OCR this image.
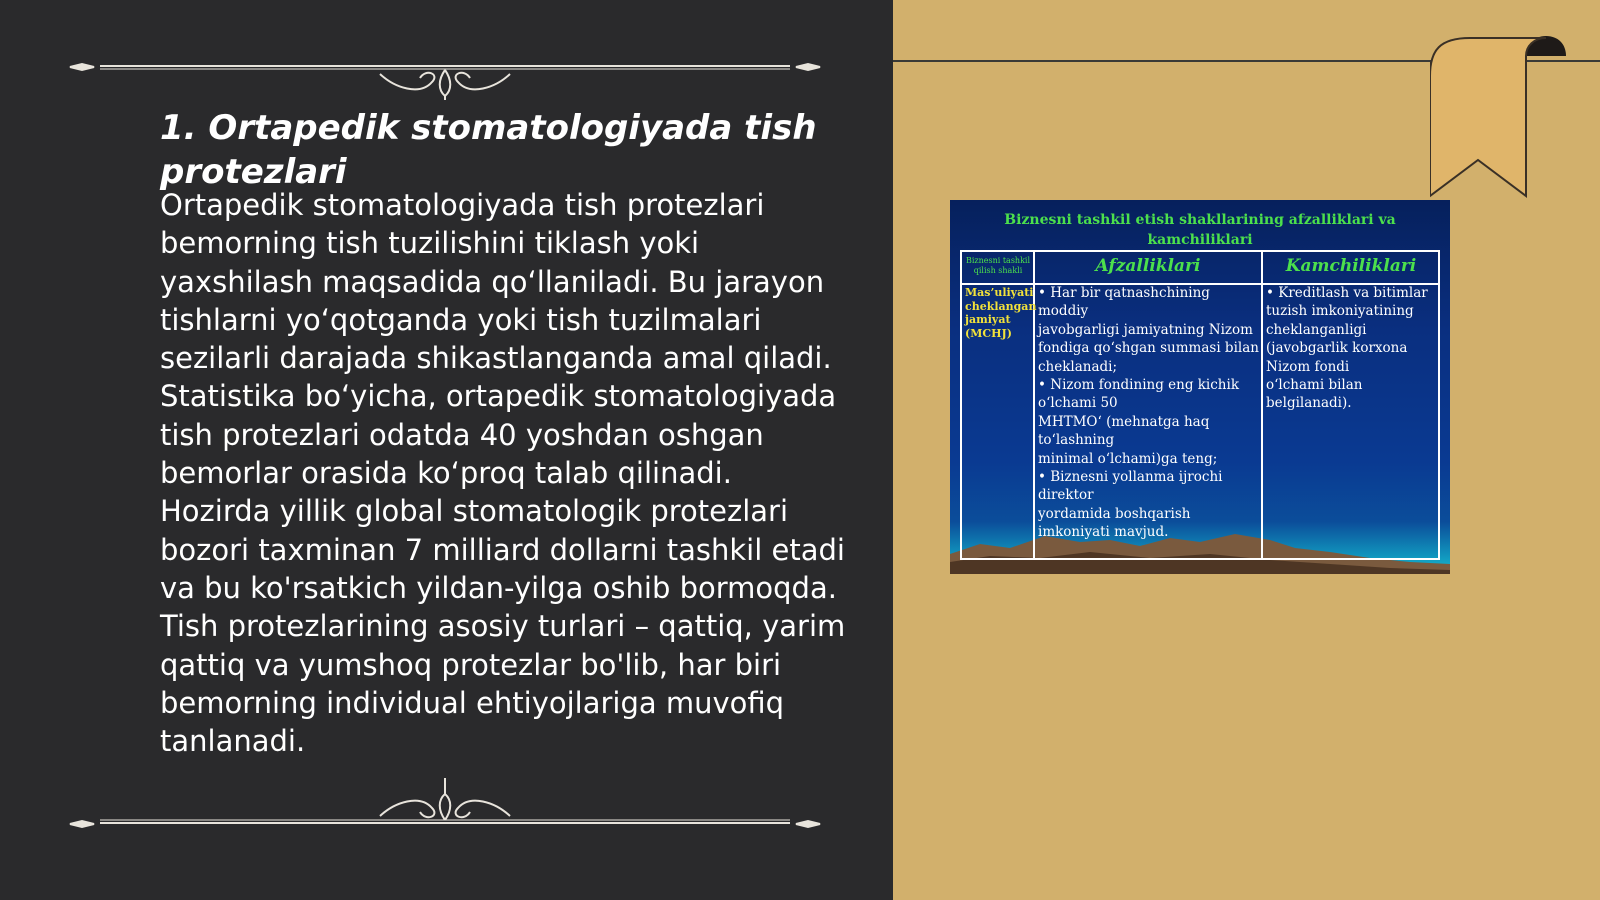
1. Ortapedik stomatologiyada tish protezlari

Ortapedik stomatologiyada tish protezlari bemorning tish tuzilishini tiklash yoki yaxshilash maqsadida qo‘llaniladi. Bu jarayon tishlarni yo‘qotganda yoki tish tuzilmalari sezilarli darajada shikastlanganda amal qiladi. Statistika bo‘yicha, ortapedik stomatologiyada tish protezlari odatda 40 yoshdan oshgan bemorlar orasida ko‘proq talab qilinadi. Hozirda yillik global stomatologik protezlari bozori taxminan 7 milliard dollarni tashkil etadi va bu ko'rsatkich yildan-yilga oshib bormoqda. Tish protezlarining asosiy turlari – qattiq, yarim qattiq va yumshoq protezlar bo'lib, har biri bemorning individual ehtiyojlariga muvofiq tanlanadi.

Biznesni tashkil etish shakllarining afzalliklari va kamchiliklari
Biznesni tashkil qilish shakli	Afzalliklari	Kamchiliklari
Mas’uliyati
cheklangan
jamiyat
(MCHJ)
• Har bir qatnashchining moddiy
javobgarligi jamiyatning Nizom
fondiga qo‘shgan summasi bilan
cheklanadi;
• Nizom fondining eng kichik
o‘lchami 50
MHTMO‘ (mehnatga haq
to‘lashning
minimal o‘lchami)ga teng;
• Biznesni yollanma ijrochi
direktor
yordamida boshqarish
imkoniyati mavjud.
• Kreditlash va bitimlar
tuzish imkoniyatining
cheklanganligi
(javobgarlik korxona
Nizom fondi
o‘lchami bilan
belgilanadi).
